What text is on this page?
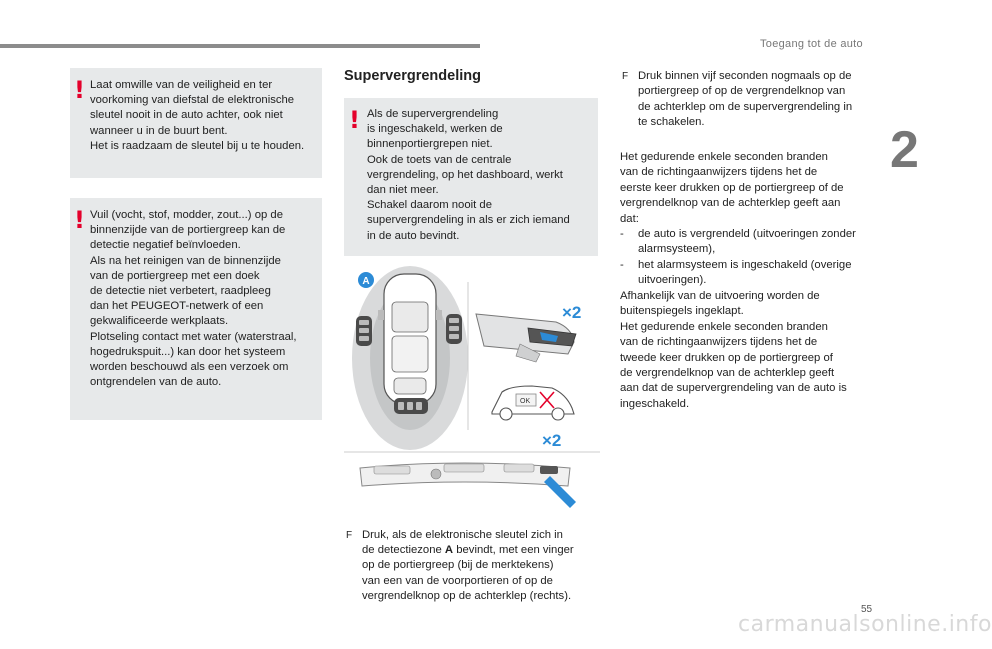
Toegang tot de auto
2
! Laat omwille van de veiligheid en ter
voorkoming van diefstal de elektronische
sleutel nooit in de auto achter, ook niet
wanneer u in de buurt bent.
Het is raadzaam de sleutel bij u te houden.
! Vuil (vocht, stof, modder, zout...) op de
binnenzijde van de portiergreep kan de
detectie negatief beïnvloeden.
Als na het reinigen van de binnenzijde
van de portiergreep met een doek
de detectie niet verbetert, raadpleeg
dan het PEUGEOT-netwerk of een
gekwalificeerde werkplaats.
Plotseling contact met water (waterstraal,
hogedrukspuit...) kan door het systeem
worden beschouwd als een verzoek om
ontgrendelen van de auto.
Supervergrendeling
! Als de supervergrendeling
is ingeschakeld, werken de
binnenportiergrepen niet.
Ook de toets van de centrale
vergrendeling, op het dashboard, werkt
dan niet meer.
Schakel daarom nooit de
supervergrendeling in als er zich iemand
in de auto bevindt.
A
×2
OK
×2
F Druk, als de elektronische sleutel zich in
de detectiezone A bevindt, met een vinger
op de portiergreep (bij de merktekens)
van een van de voorportieren of op de
vergrendelknop op de achterklep (rechts).
F Druk binnen vijf seconden nogmaals op de
portiergreep of op de vergrendelknop van
de achterklep om de supervergrendeling in
te schakelen.
Het gedurende enkele seconden branden
van de richtingaanwijzers tijdens het de
eerste keer drukken op de portiergreep of de
vergrendelknop van de achterklep geeft aan
dat:
- de auto is vergrendeld (uitvoeringen zonder
alarmsysteem),
- het alarmsysteem is ingeschakeld (overige
uitvoeringen).
Afhankelijk van de uitvoering worden de
buitenspiegels ingeklapt.
Het gedurende enkele seconden branden
van de richtingaanwijzers tijdens het de
tweede keer drukken op de portiergreep of
de vergrendelknop van de achterklep geeft
aan dat de supervergrendeling van de auto is
ingeschakeld.
55
carmanualsonline.info
